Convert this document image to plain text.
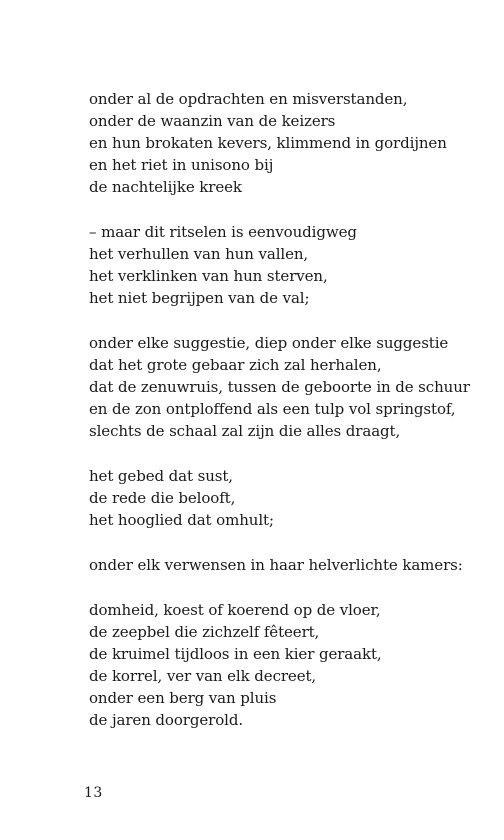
onder al de opdrachten en misverstanden,
onder de waanzin van de keizers
en hun brokaten kevers, klimmend in gordijnen
en het riet in unisono bij
de nachtelijke kreek
– maar dit ritselen is eenvoudigweg
het verhullen van hun vallen,
het verklinken van hun sterven,
het niet begrijpen van de val;
onder elke suggestie, diep onder elke suggestie
dat het grote gebaar zich zal herhalen,
dat de zenuwruis, tussen de geboorte in de schuur
en de zon ontploffend als een tulp vol springstof,
slechts de schaal zal zijn die alles draagt,
het gebed dat sust,
de rede die belooft,
het hooglied dat omhult;
onder elk verwensen in haar helverlichte kamers:
domheid, koest of koerend op de vloer,
de zeepbel die zichzelf fêteert,
de kruimel tijdloos in een kier geraakt,
de korrel, ver van elk decreet,
onder een berg van pluis
de jaren doorgerold.
13
